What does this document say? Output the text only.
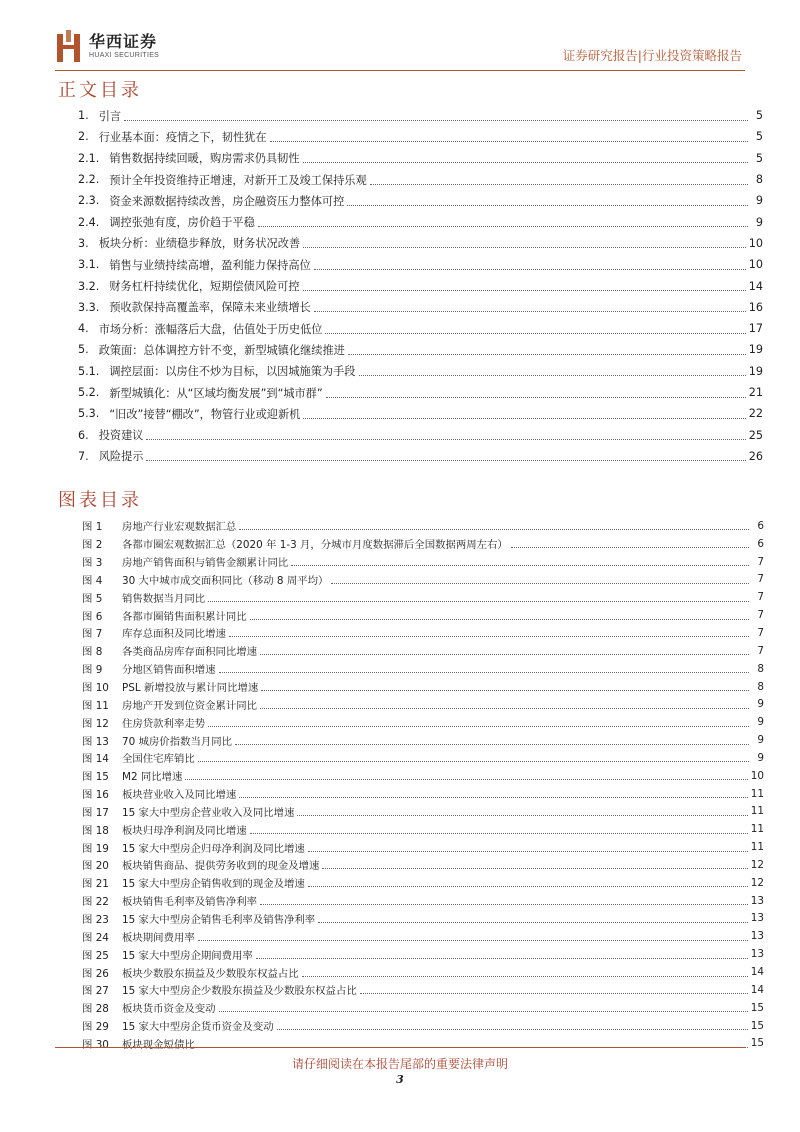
华西证券
HUAXI SECURITIES	证券研究报告|行业投资策略报告
正文目录
1. 引言	5
2. 行业基本面：疫情之下，韧性犹在	5
2.1. 销售数据持续回暖，购房需求仍具韧性	5
2.2. 预计全年投资维持正增速，对新开工及竣工保持乐观	8
2.3. 资金来源数据持续改善，房企融资压力整体可控	9
2.4. 调控张弛有度，房价趋于平稳	9
3. 板块分析：业绩稳步释放，财务状况改善	10
3.1. 销售与业绩持续高增，盈利能力保持高位	10
3.2. 财务杠杆持续优化，短期偿债风险可控	14
3.3. 预收款保持高覆盖率，保障未来业绩增长	16
4. 市场分析：涨幅落后大盘，估值处于历史低位	17
5. 政策面：总体调控方针不变，新型城镇化继续推进	19
5.1. 调控层面：以房住不炒为目标，以因城施策为手段	19
5.2. 新型城镇化：从“区域均衡发展”到“城市群”	21
5.3. “旧改”接替“棚改”，物管行业或迎新机	22
6. 投资建议	25
7. 风险提示	26
图表目录
图 1	房地产行业宏观数据汇总	6
图 2	各都市圈宏观数据汇总（2020 年 1-3 月，分城市月度数据滞后全国数据两周左右）	6
图 3	房地产销售面积与销售金额累计同比	7
图 4	30 大中城市成交面积同比（移动 8 周平均）	7
图 5	销售数据当月同比	7
图 6	各都市圈销售面积累计同比	7
图 7	库存总面积及同比增速	7
图 8	各类商品房库存面积同比增速	7
图 9	分地区销售面积增速	8
图 10	PSL 新增投放与累计同比增速	8
图 11	房地产开发到位资金累计同比	9
图 12	住房贷款利率走势	9
图 13	70 城房价指数当月同比	9
图 14	全国住宅库销比	9
图 15	M2 同比增速	10
图 16	板块营业收入及同比增速	11
图 17	15 家大中型房企营业收入及同比增速	11
图 18	板块归母净利润及同比增速	11
图 19	15 家大中型房企归母净利润及同比增速	11
图 20	板块销售商品、提供劳务收到的现金及增速	12
图 21	15 家大中型房企销售收到的现金及增速	12
图 22	板块销售毛利率及销售净利率	13
图 23	15 家大中型房企销售毛利率及销售净利率	13
图 24	板块期间费用率	13
图 25	15 家大中型房企期间费用率	13
图 26	板块少数股东损益及少数股东权益占比	14
图 27	15 家大中型房企少数股东损益及少数股东权益占比	14
图 28	板块货币资金及变动	15
图 29	15 家大中型房企货币资金及变动	15
图 30	板块现金短债比	15
请仔细阅读在本报告尾部的重要法律声明
3
